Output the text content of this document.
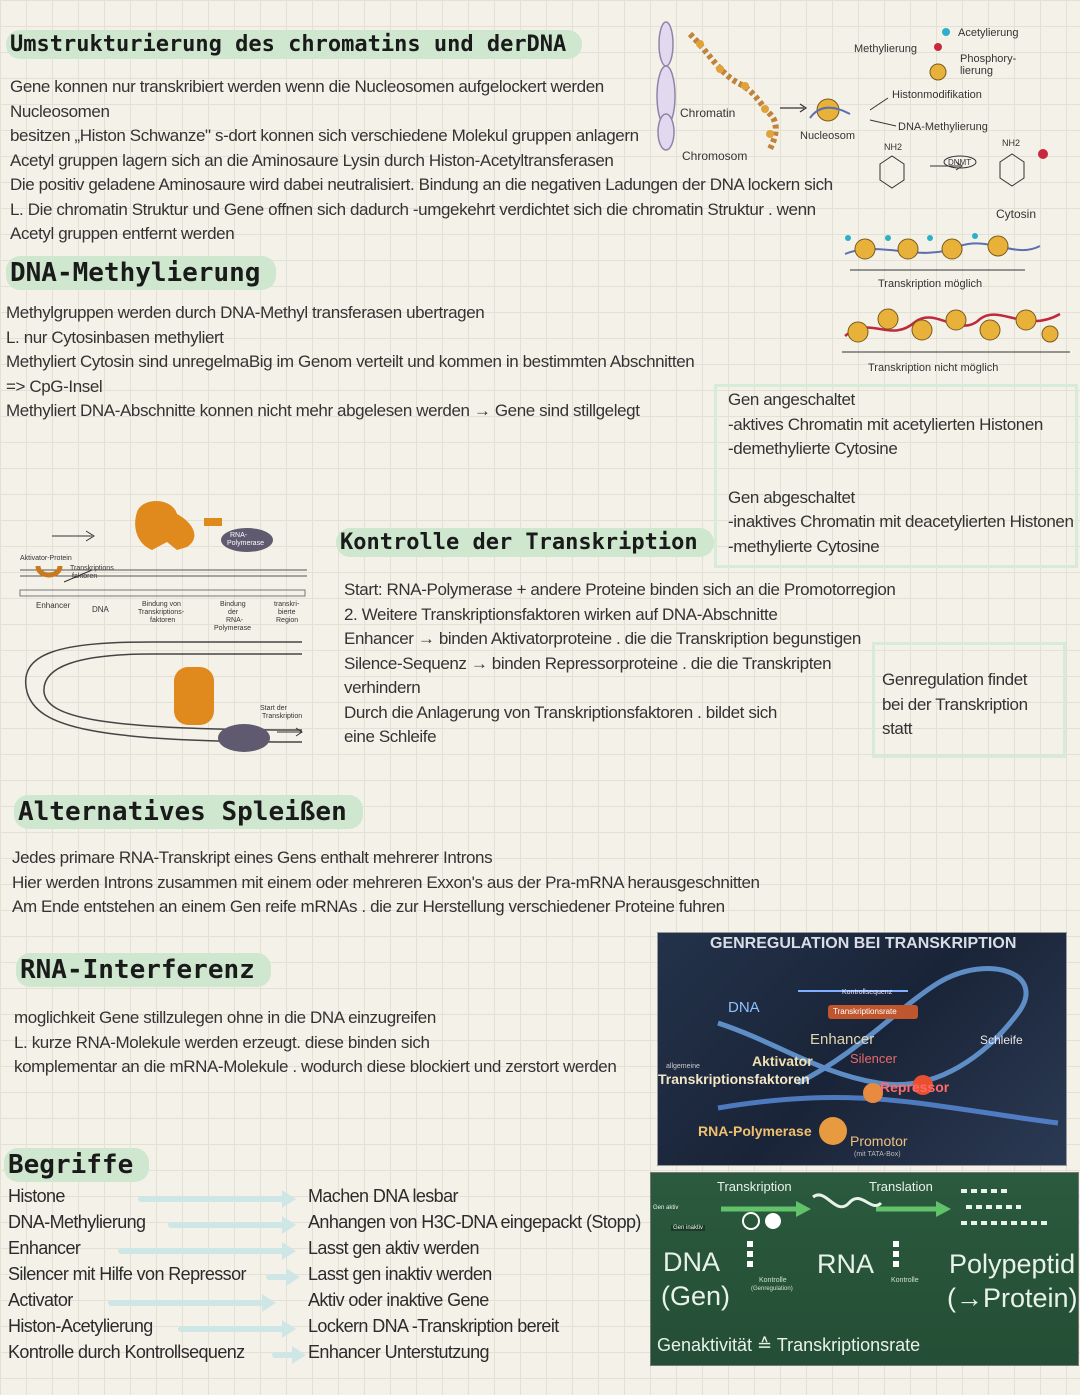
Umstrukturierung des chromatins und derDNA
Gene konnen nur transkribiert werden wenn die Nucleosomen aufgelockert werden
Nucleosomen
besitzen „Histon Schwanze" s-dort konnen sich verschiedene Molekul gruppen anlagern
Acetyl gruppen lagern sich an die Aminosaure Lysin durch Histon-Acetyltransferasen
Die positiv geladene Aminosaure wird dabei neutralisiert. Bindung an die negativen Ladungen der DNA lockern sich
L. Die chromatin Struktur und Gene offnen sich dadurch -umgekehrt verdichtet sich die chromatin Struktur . wenn
Acetyl gruppen entfernt werden
Chromosom
Chromatin
Nucleosom
Methylierung
Acetylierung
Phosphory-
lierung
Histonmodifikation
DNA-Methylierung
NH2	NH2
DNMT
Cytosin
Transkription möglich
Transkription nicht möglich
DNA-Methylierung
Methylgruppen werden durch DNA-Methyl transferasen ubertragen
L. nur Cytosinbasen methyliert
Methyliert Cytosin sind unregelmaBig im Genom verteilt und kommen in bestimmten Abschnitten
=> CpG-Insel
Methyliert DNA-Abschnitte konnen nicht mehr abgelesen werden → Gene sind stillgelegt
Gen angeschaltet
-aktives Chromatin mit acetylierten Histonen
-demethylierte Cytosine
Gen abgeschaltet
-inaktives Chromatin mit deacetylierten Histonen
-methylierte Cytosine
RNA-
Polymerase
Aktivator-Protein
Transkriptions
faktoren
Enhancer	DNA
Bindung von
Transkriptions-
faktoren
Bindung
der
RNA-
Polymerase
transkri-
bierte
Region
Start der
Transkription
Kontrolle der Transkription
Start: RNA-Polymerase + andere Proteine binden sich an die Promotorregion
2. Weitere Transkriptionsfaktoren wirken auf DNA-Abschnitte
Enhancer → binden Aktivatorproteine . die die Transkription begunstigen
Silence-Sequenz → binden Repressorproteine . die die Transkripten
verhindern
Durch die Anlagerung von Transkriptionsfaktoren . bildet sich
eine Schleife
Genregulation findet
bei der Transkription
statt
Alternatives Spleißen
Jedes primare RNA-Transkript eines Gens enthalt mehrerer Introns
Hier werden Introns zusammen mit einem oder mehreren Exxon's aus der Pra-mRNA herausgeschnitten
Am Ende entstehen an einem Gen reife mRNAs . die zur Herstellung verschiedener Proteine fuhren
RNA-Interferenz
moglichkeit Gene stillzulegen ohne in die DNA einzugreifen
L. kurze RNA-Molekule werden erzeugt. diese binden sich
komplementar an die mRNA-Molekule . wodurch diese blockiert und zerstort werden
GENREGULATION BEI TRANSKRIPTION
DNA
Kontrollsequenz
Transkriptionsrate
Enhancer
Silencer
Aktivator
allgemeine
Transkriptionsfaktoren	Repressor
RNA-Polymerase
Promotor
(mit TATA-Box)
Schleife
Transkription	Translation
Gen aktiv
Gen inaktiv
DNA
(Gen)
RNA	Polypeptid
(→Protein)
Kontrolle
(Genregulation)
Kontrolle
Genaktivität ≙ Transkriptionsrate
Begriffe
Histone	Machen DNA lesbar
DNA-Methylierung	Anhangen von H3C-DNA eingepackt (Stopp)
Enhancer	Lasst gen aktiv werden
Silencer mit Hilfe von Repressor	Lasst gen inaktiv werden
Activator	Aktiv oder inaktive Gene
Histon-Acetylierung	Lockern DNA -Transkription bereit
Kontrolle durch Kontrollsequenz	Enhancer Unterstutzung
